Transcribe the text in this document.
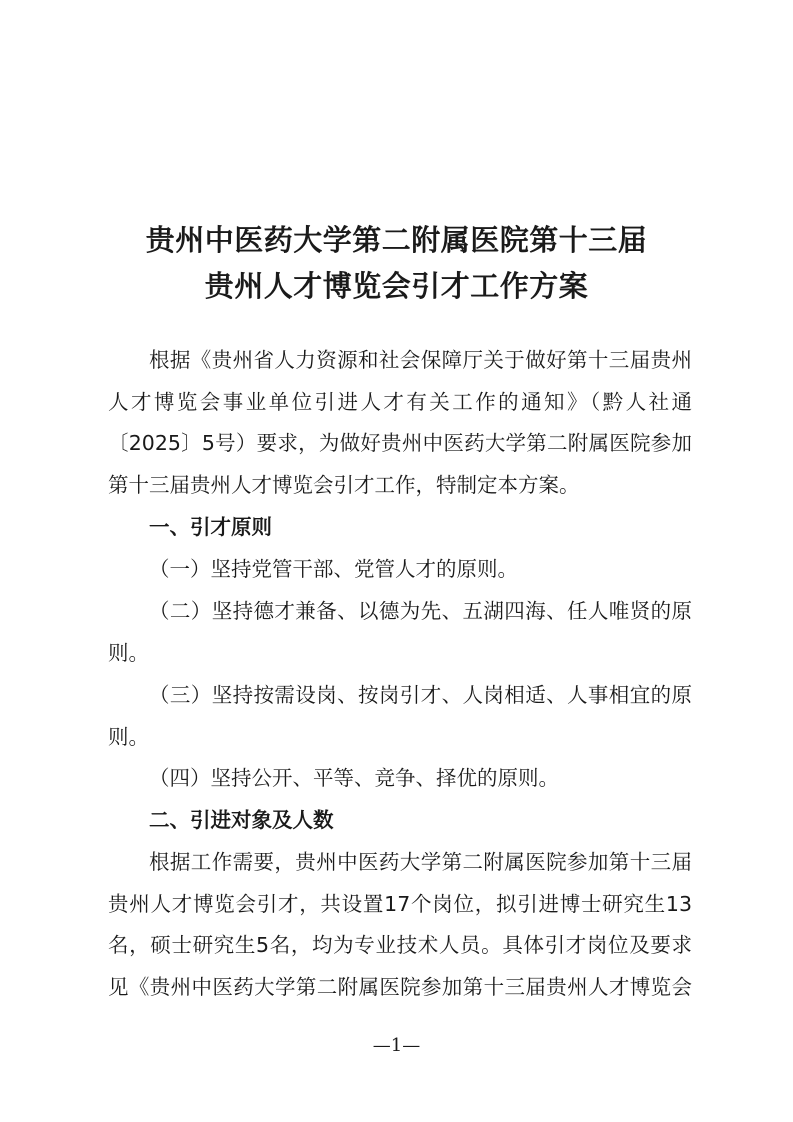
贵州中医药大学第二附属医院第十三届
贵州人才博览会引才工作方案
根据《贵州省人力资源和社会保障厅关于做好第十三届贵州
人才博览会事业单位引进人才有关工作的通知》（黔人社通
〔2025〕5号）要求，为做好贵州中医药大学第二附属医院参加
第十三届贵州人才博览会引才工作，特制定本方案。
一、引才原则
（一）坚持党管干部、党管人才的原则。
（二）坚持德才兼备、以德为先、五湖四海、任人唯贤的原
则。
（三）坚持按需设岗、按岗引才、人岗相适、人事相宜的原
则。
（四）坚持公开、平等、竞争、择优的原则。
二、引进对象及人数
根据工作需要，贵州中医药大学第二附属医院参加第十三届
贵州人才博览会引才，共设置17个岗位，拟引进博士研究生13
名，硕士研究生5名，均为专业技术人员。具体引才岗位及要求
见《贵州中医药大学第二附属医院参加第十三届贵州人才博览会
—1—
